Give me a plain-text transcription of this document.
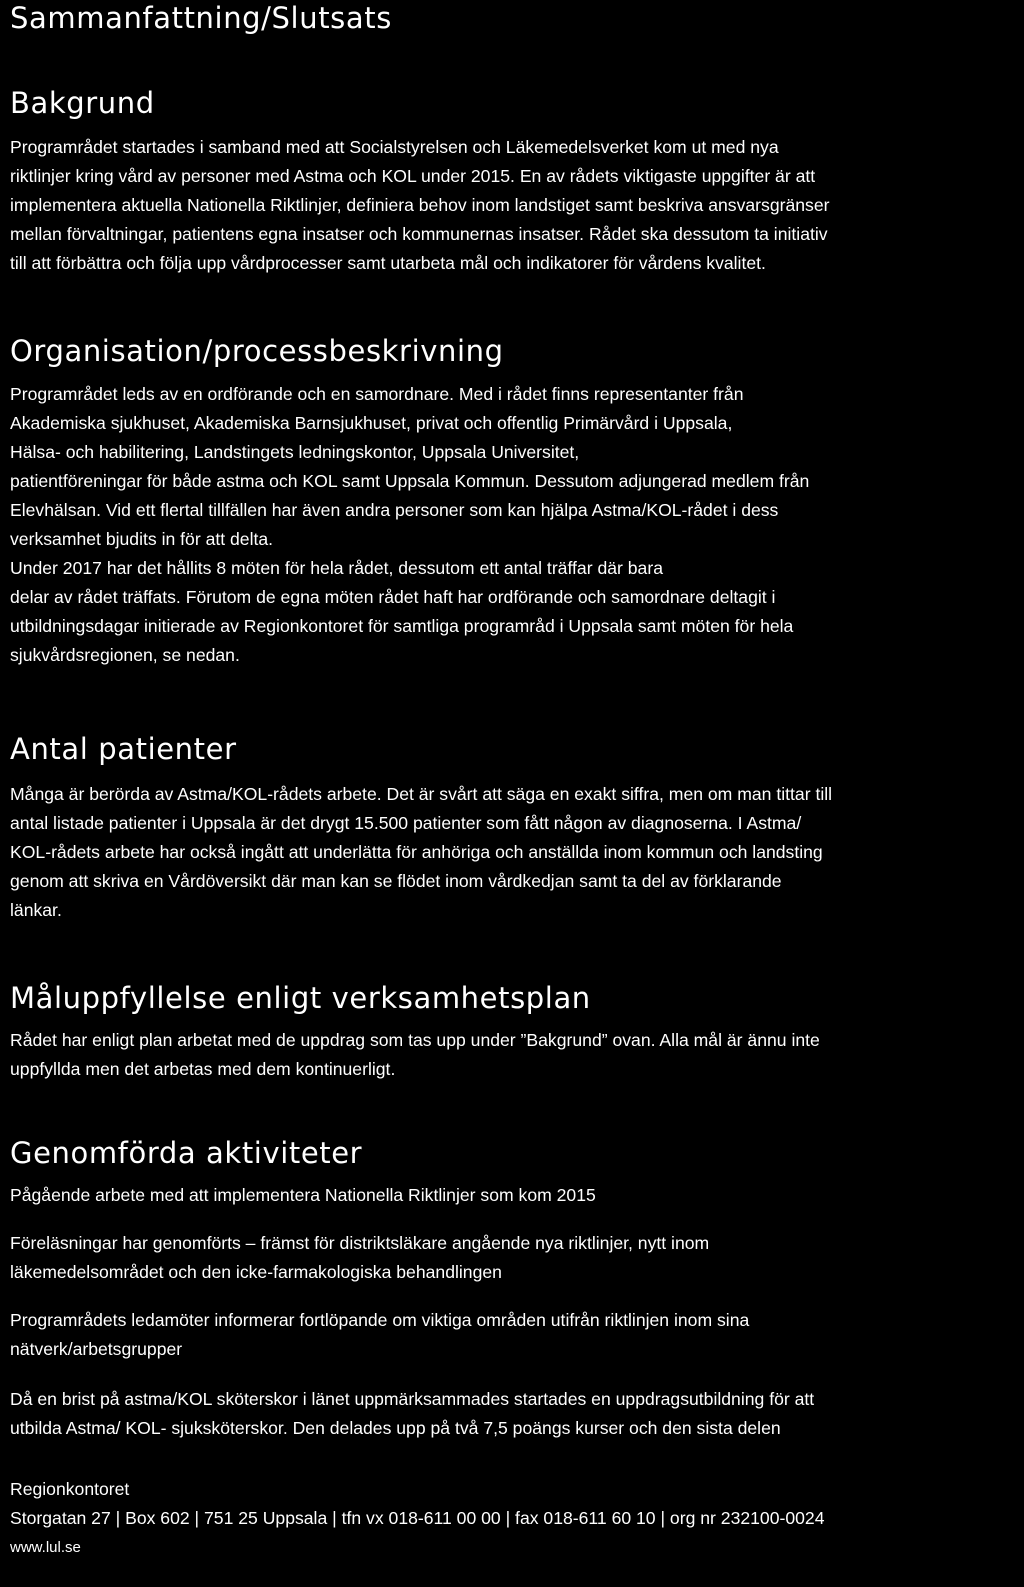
Sammanfattning/Slutsats
Bakgrund
Programrådet startades i samband med att Socialstyrelsen och Läkemedelsverket kom ut med nya
riktlinjer kring vård av personer med Astma och KOL under 2015. En av rådets viktigaste uppgifter är att
implementera aktuella Nationella Riktlinjer, definiera behov inom landstiget samt beskriva ansvarsgränser
mellan förvaltningar, patientens egna insatser och kommunernas insatser. Rådet ska dessutom ta initiativ
till att förbättra och följa upp vårdprocesser samt utarbeta mål och indikatorer för vårdens kvalitet.
Organisation/processbeskrivning
Programrådet leds av en ordförande och en samordnare. Med i rådet finns representanter från
Akademiska sjukhuset, Akademiska Barnsjukhuset, privat och offentlig Primärvård i Uppsala,
Hälsa- och habilitering, Landstingets ledningskontor, Uppsala Universitet,
patientföreningar för både astma och KOL samt Uppsala Kommun. Dessutom adjungerad medlem från
Elevhälsan. Vid ett flertal tillfällen har även andra personer som kan hjälpa Astma/KOL-rådet i dess
verksamhet bjudits in för att delta.
Under 2017 har det hållits 8 möten för hela rådet, dessutom ett antal träffar där bara
delar av rådet träffats. Förutom de egna möten rådet haft har ordförande och samordnare deltagit i
utbildningsdagar initierade av Regionkontoret för samtliga programråd i Uppsala samt möten för hela
sjukvårdsregionen, se nedan.
Antal patienter
Många är berörda av Astma/KOL-rådets arbete. Det är svårt att säga en exakt siffra, men om man tittar till
antal listade patienter i Uppsala är det drygt 15.500 patienter som fått någon av diagnoserna. I Astma/
KOL-rådets arbete har också ingått att underlätta för anhöriga och anställda inom kommun och landsting
genom att skriva en Vårdöversikt där man kan se flödet inom vårdkedjan samt ta del av förklarande
länkar.
Måluppfyllelse enligt verksamhetsplan
Rådet har enligt plan arbetat med de uppdrag som tas upp under ”Bakgrund” ovan. Alla mål är ännu inte
uppfyllda men det arbetas med dem kontinuerligt.
Genomförda aktiviteter
Pågående arbete med att implementera Nationella Riktlinjer som kom 2015
Föreläsningar har genomförts – främst för distriktsläkare angående nya riktlinjer, nytt inom
läkemedelsområdet och den icke-farmakologiska behandlingen
Programrådets ledamöter informerar fortlöpande om viktiga områden utifrån riktlinjen inom sina
nätverk/arbetsgrupper
Då en brist på astma/KOL sköterskor i länet uppmärksammades startades en uppdragsutbildning för att
utbilda Astma/ KOL- sjuksköterskor. Den delades upp på två 7,5 poängs kurser och den sista delen
Regionkontoret
Storgatan 27 | Box 602 | 751 25 Uppsala | tfn vx 018-611 00 00 | fax 018-611 60 10 | org nr 232100-0024
www.lul.se
